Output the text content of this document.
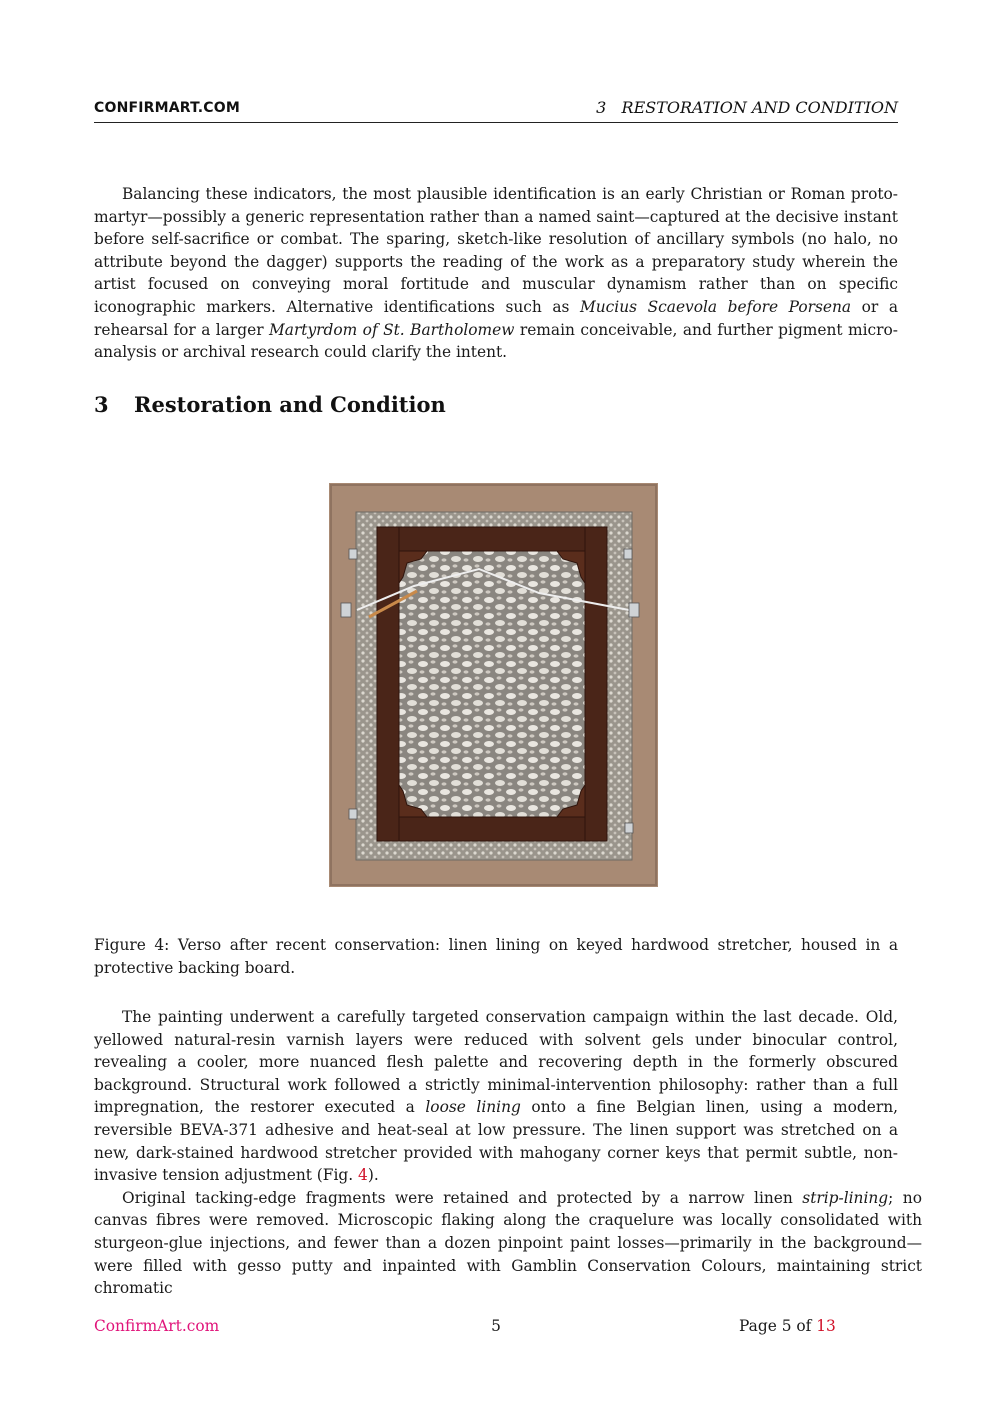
CONFIRMART.COM	3   RESTORATION AND CONDITION

Balancing these indicators, the most plausible identification is an early Christian or Roman proto-martyr—possibly a generic representation rather than a named saint—captured at the decisive instant before self-sacrifice or combat. The sparing, sketch-like resolution of ancillary symbols (no halo, no attribute beyond the dagger) supports the reading of the work as a preparatory study wherein the artist focused on conveying moral fortitude and muscular dynamism rather than on specific iconographic markers. Alternative identifications such as Mucius Scaevola before Porsena or a rehearsal for a larger Martyrdom of St. Bartholomew remain conceivable, and further pigment micro-analysis or archival research could clarify the intent.

3 Restoration and Condition

Figure 4: Verso after recent conservation: linen lining on keyed hardwood stretcher, housed in a protective backing board.

The painting underwent a carefully targeted conservation campaign within the last decade. Old, yellowed natural-resin varnish layers were reduced with solvent gels under binocular control, revealing a cooler, more nuanced flesh palette and recovering depth in the formerly obscured background. Structural work followed a strictly minimal-intervention philosophy: rather than a full impregnation, the restorer executed a loose lining onto a fine Belgian linen, using a modern, reversible BEVA-371 adhesive and heat-seal at low pressure. The linen support was stretched on a new, dark-stained hardwood stretcher provided with mahogany corner keys that permit subtle, non-invasive tension adjustment (Fig. 4).

Original tacking-edge fragments were retained and protected by a narrow linen strip-lining; no canvas fibres were removed. Microscopic flaking along the craquelure was locally consolidated with sturgeon-glue injections, and fewer than a dozen pinpoint paint losses—primarily in the background—were filled with gesso putty and inpainted with Gamblin Conservation Colours, maintaining strict chromatic

ConfirmArt.com	5	Page 5 of 13
